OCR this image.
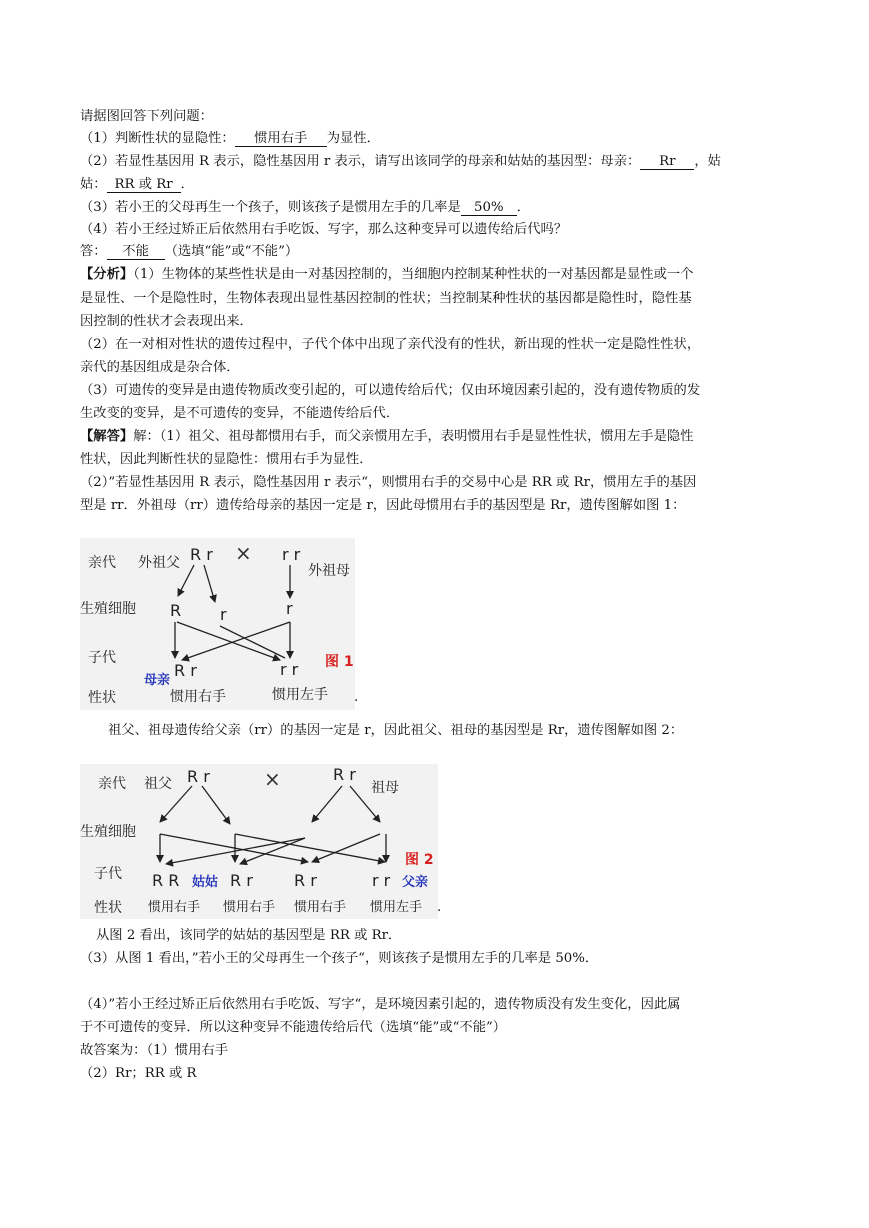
请据图回答下列问题：
（1）判断性状的显隐性： 惯用右手 为显性．
（2）若显性基因用 R 表示，隐性基因用 r 表示，请写出该同学的母亲和姑姑的基因型：母亲： Rr ，姑
姑： RR 或 Rr ．
（3）若小王的父母再生一个孩子，则该孩子是惯用左手的几率是 50% ．
（4）若小王经过矫正后依然用右手吃饭、写字，那么这种变异可以遗传给后代吗？
答： 不能 （选填“能”或“不能”）
【分析】（1）生物体的某些性状是由一对基因控制的，当细胞内控制某种性状的一对基因都是显性或一个
是显性、一个是隐性时，生物体表现出显性基因控制的性状；当控制某种性状的基因都是隐性时，隐性基
因控制的性状才会表现出来．
（2）在一对相对性状的遗传过程中，子代个体中出现了亲代没有的性状，新出现的性状一定是隐性性状，
亲代的基因组成是杂合体．
（3）可遗传的变异是由遗传物质改变引起的，可以遗传给后代；仅由环境因素引起的，没有遗传物质的发
生改变的变异，是不可遗传的变异，不能遗传给后代．
【解答】解：（1）祖父、祖母都惯用右手，而父亲惯用左手，表明惯用右手是显性性状，惯用左手是隐性
性状，因此判断性状的显隐性：惯用右手为显性．
（2）”若显性基因用 R 表示，隐性基因用 r 表示“，则惯用右手的交易中心是 RR 或 Rr，惯用左手的基因
型是 rr．外祖母（rr）遗传给母亲的基因一定是 r，因此母惯用右手的基因型是 Rr，遗传图解如图 1：
亲代
生殖细胞
子代
性状
外祖父 R r × r r
外祖母
R r	r
R r
母亲
r r 图 1
惯用右手	惯用左手 .
祖父、祖母遗传给父亲（rr）的基因一定是 r，因此祖父、祖母的基因型是 Rr，遗传图解如图 2：
亲代
生殖细胞
子代
性状
祖父 R r	×	R r
祖母
R R 姑姑 R r	R r	r r
图 2
父亲
惯用右手 惯用右手 惯用右手 惯用左手 .
从图 2 看出，该同学的姑姑的基因型是 RR 或 Rr．
（3）从图 1 看出，”若小王的父母再生一个孩子“，则该孩子是惯用左手的几率是 50%．
（4）”若小王经过矫正后依然用右手吃饭、写字“，是环境因素引起的，遗传物质没有发生变化，因此属
于不可遗传的变异．所以这种变异不能遗传给后代（选填“能”或“不能”）
故答案为：（1）惯用右手
（2）Rr；RR 或 R
